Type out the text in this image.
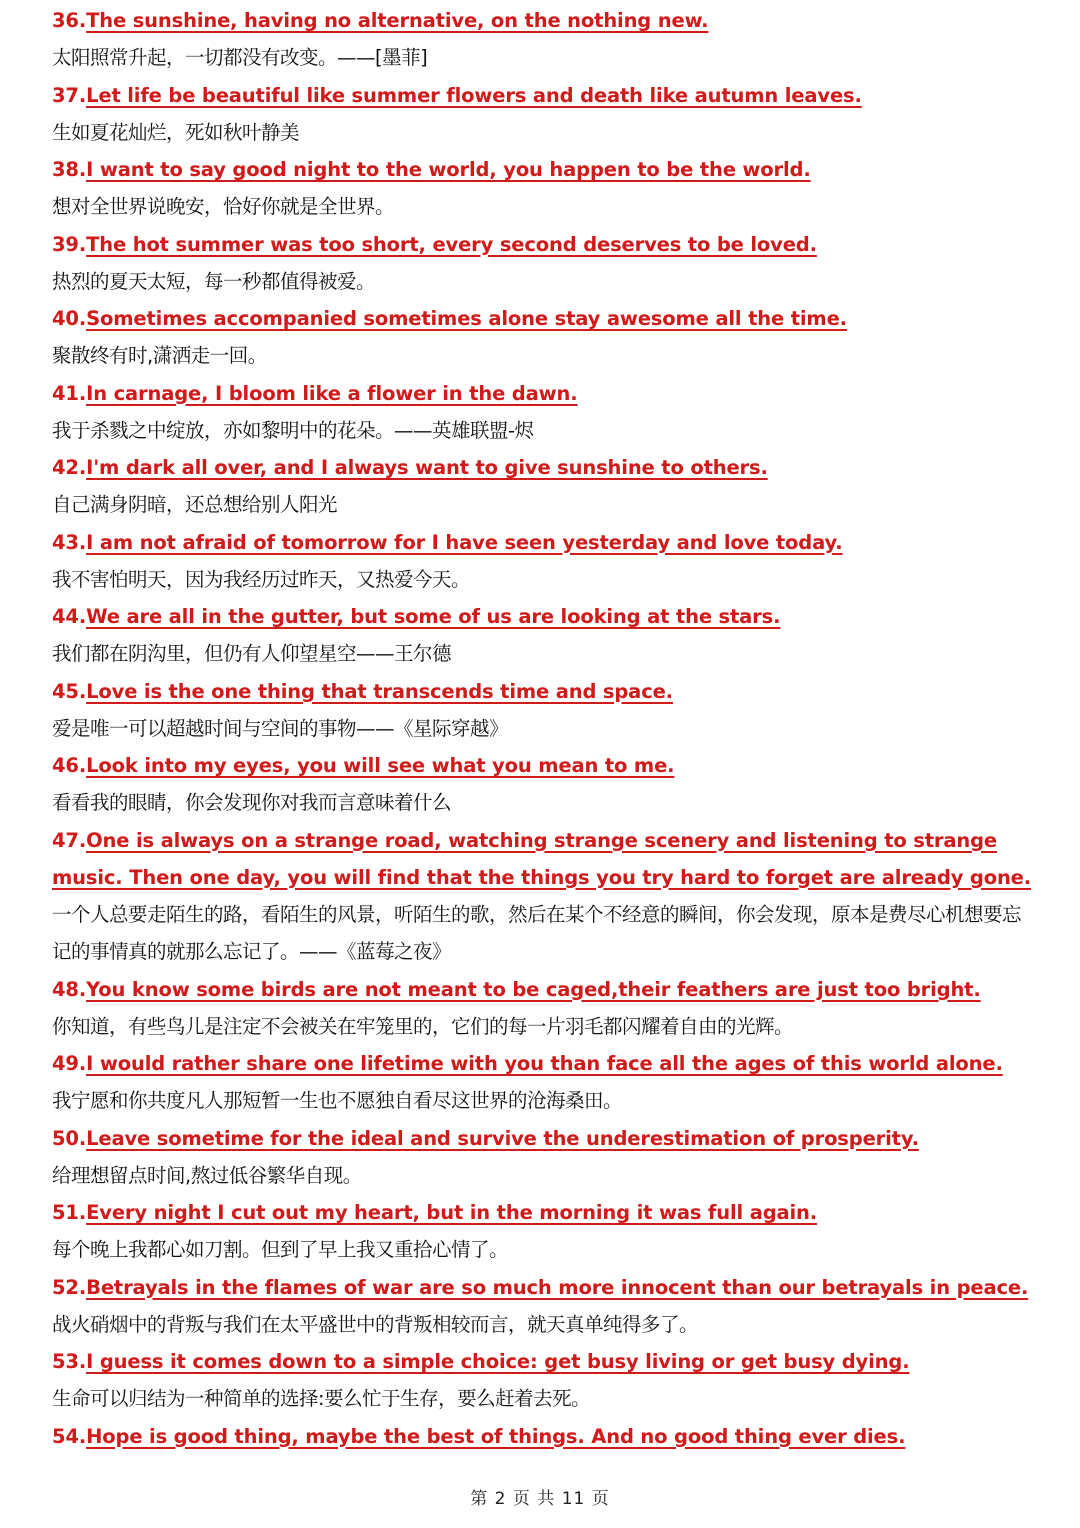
36.The sunshine, having no alternative, on the nothing new.
太阳照常升起，一切都没有改变。——[墨菲]
37.Let life be beautiful like summer flowers and death like autumn leaves.
生如夏花灿烂，死如秋叶静美
38.I want to say good night to the world, you happen to be the world.
想对全世界说晚安，恰好你就是全世界。
39.The hot summer was too short, every second deserves to be loved.
热烈的夏天太短，每一秒都值得被爱。
40.Sometimes accompanied sometimes alone stay awesome all the time.
聚散终有时,潇洒走一回。
41.In carnage, I bloom like a flower in the dawn.
我于杀戮之中绽放，亦如黎明中的花朵。——英雄联盟-烬
42.I'm dark all over, and I always want to give sunshine to others.
自己满身阴暗，还总想给别人阳光
43.I am not afraid of tomorrow for I have seen yesterday and love today.
我不害怕明天，因为我经历过昨天，又热爱今天。
44.We are all in the gutter, but some of us are looking at the stars.
我们都在阴沟里，但仍有人仰望星空——王尔德
45.Love is the one thing that transcends time and space.
爱是唯一可以超越时间与空间的事物——《星际穿越》
46.Look into my eyes, you will see what you mean to me.
看看我的眼睛，你会发现你对我而言意味着什么
47.One is always on a strange road, watching strange scenery and listening to strange music. Then one day, you will find that the things you try hard to forget are already gone.
一个人总要走陌生的路，看陌生的风景，听陌生的歌，然后在某个不经意的瞬间，你会发现，原本是费尽心机想要忘记的事情真的就那么忘记了。——《蓝莓之夜》
48.You know some birds are not meant to be caged,their feathers are just too bright.
你知道，有些鸟儿是注定不会被关在牢笼里的，它们的每一片羽毛都闪耀着自由的光辉。
49.I would rather share one lifetime with you than face all the ages of this world alone.
我宁愿和你共度凡人那短暂一生也不愿独自看尽这世界的沧海桑田。
50.Leave sometime for the ideal and survive the underestimation of prosperity.
给理想留点时间,熬过低谷繁华自现。
51.Every night I cut out my heart, but in the morning it was full again.
每个晚上我都心如刀割。但到了早上我又重拾心情了。
52.Betrayals in the flames of war are so much more innocent than our betrayals in peace.
战火硝烟中的背叛与我们在太平盛世中的背叛相较而言，就天真单纯得多了。
53.I guess it comes down to a simple choice: get busy living or get busy dying.
生命可以归结为一种简单的选择:要么忙于生存，要么赶着去死。
54.Hope is good thing, maybe the best of things. And no good thing ever dies.
第 2 页 共 11 页
